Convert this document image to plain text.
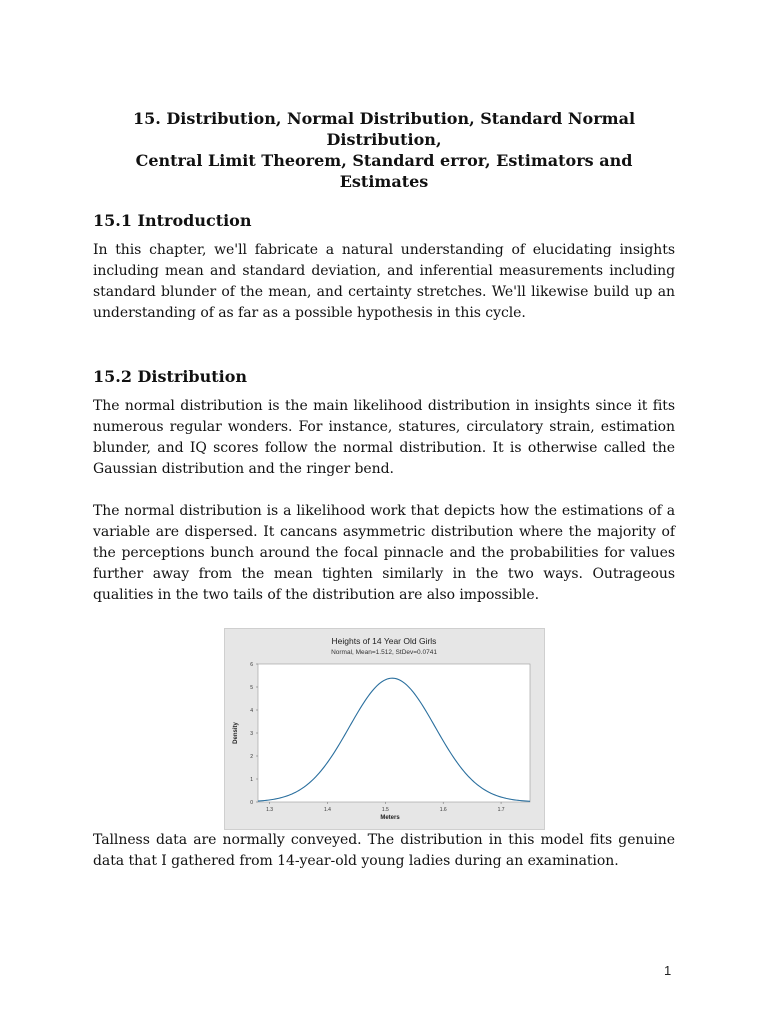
15. Distribution, Normal Distribution, Standard Normal Distribution,
Central Limit Theorem, Standard error, Estimators and Estimates
15.1 Introduction

In this chapter, we'll fabricate a natural understanding of elucidating insights including mean and standard deviation, and inferential measurements including standard blunder of the mean, and certainty stretches. We'll likewise build up an understanding of as far as a possible hypothesis in this cycle.

15.2 Distribution

The normal distribution is the main likelihood distribution in insights since it fits numerous regular wonders. For instance, statures, circulatory strain, estimation blunder, and IQ scores follow the normal distribution. It is otherwise called the Gaussian distribution and the ringer bend.

The normal distribution is a likelihood work that depicts how the estimations of a variable are dispersed. It cancans asymmetric distribution where the majority of the perceptions bunch around the focal pinnacle and the probabilities for values further away from the mean tighten similarly in the two ways. Outrageous qualities in the two tails of the distribution are also impossible.

Heights of 14 Year Old Girls
Normal, Mean=1.512, StDev=0.0741
0
1
2
3
4
5
6
1.3	1.4	1.5	1.6	1.7
Meters
Density

Tallness data are normally conveyed. The distribution in this model fits genuine data that I gathered from 14-year-old young ladies during an examination.

1
